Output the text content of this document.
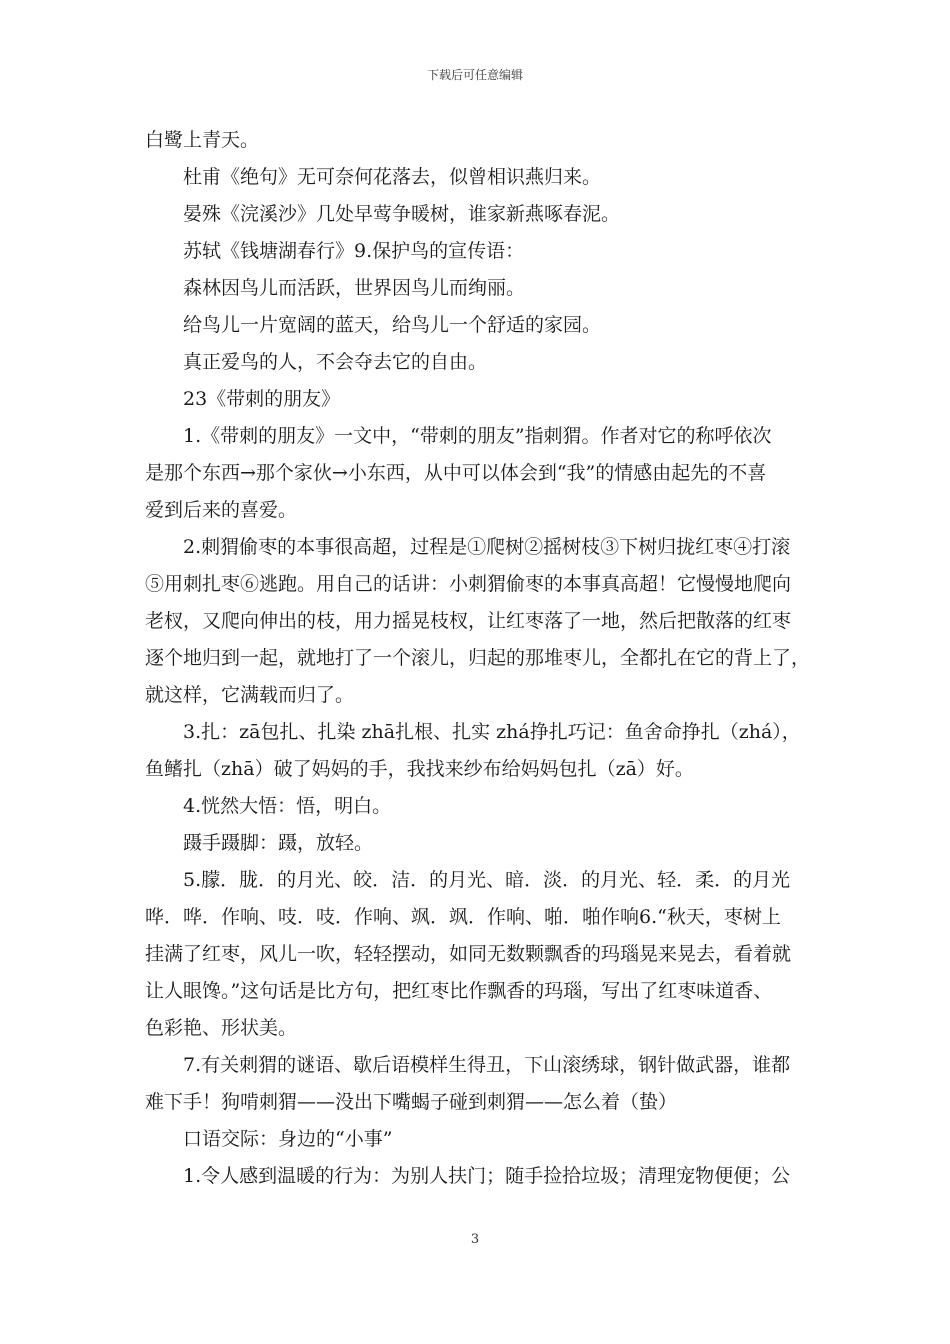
下载后可任意编辑
白鹭上青天。
杜甫《绝句》无可奈何花落去，似曾相识燕归来。
晏殊《浣溪沙》几处早莺争暖树，谁家新燕啄春泥。
苏轼《钱塘湖春行》9.保护鸟的宣传语：
森林因鸟儿而活跃，世界因鸟儿而绚丽。
给鸟儿一片宽阔的蓝天，给鸟儿一个舒适的家园。
真正爱鸟的人，不会夺去它的自由。
23《带刺的朋友》
1.《带刺的朋友》一文中，“带刺的朋友”指刺猬。作者对它的称呼依次
是那个东西→那个家伙→小东西，从中可以体会到“我”的情感由起先的不喜
爱到后来的喜爱。
2.刺猬偷枣的本事很高超，过程是①爬树②摇树枝③下树归拢红枣④打滚
⑤用刺扎枣⑥逃跑。用自己的话讲：小刺猬偷枣的本事真高超！它慢慢地爬向
老杈，又爬向伸出的枝，用力摇晃枝杈，让红枣落了一地，然后把散落的红枣
逐个地归到一起，就地打了一个滚儿，归起的那堆枣儿，全都扎在它的背上了，
就这样，它满载而归了。
3.扎：zā包扎、扎染 zhā扎根、扎实 zhá挣扎巧记：鱼舍命挣扎（zhá），
鱼鳍扎（zhā）破了妈妈的手，我找来纱布给妈妈包扎（zā）好。
4.恍然大悟：悟，明白。
蹑手蹑脚：蹑，放轻。
5.朦．胧．的月光、皎．洁．的月光、暗．淡．的月光、轻．柔．的月光
哗．哗．作响、吱．吱．作响、飒．飒．作响、啪．啪作响6.“秋天，枣树上
挂满了红枣，风儿一吹，轻轻摆动，如同无数颗飘香的玛瑙晃来晃去，看着就
让人眼馋。”这句话是比方句，把红枣比作飘香的玛瑙，写出了红枣味道香、
色彩艳、形状美。
7.有关刺猬的谜语、歇后语模样生得丑，下山滚绣球，钢针做武器，谁都
难下手！狗啃刺猬——没出下嘴蝎子碰到刺猬——怎么着（蛰）
口语交际：身边的“小事”
1.令人感到温暖的行为：为别人扶门；随手捡拾垃圾；清理宠物便便；公
3
